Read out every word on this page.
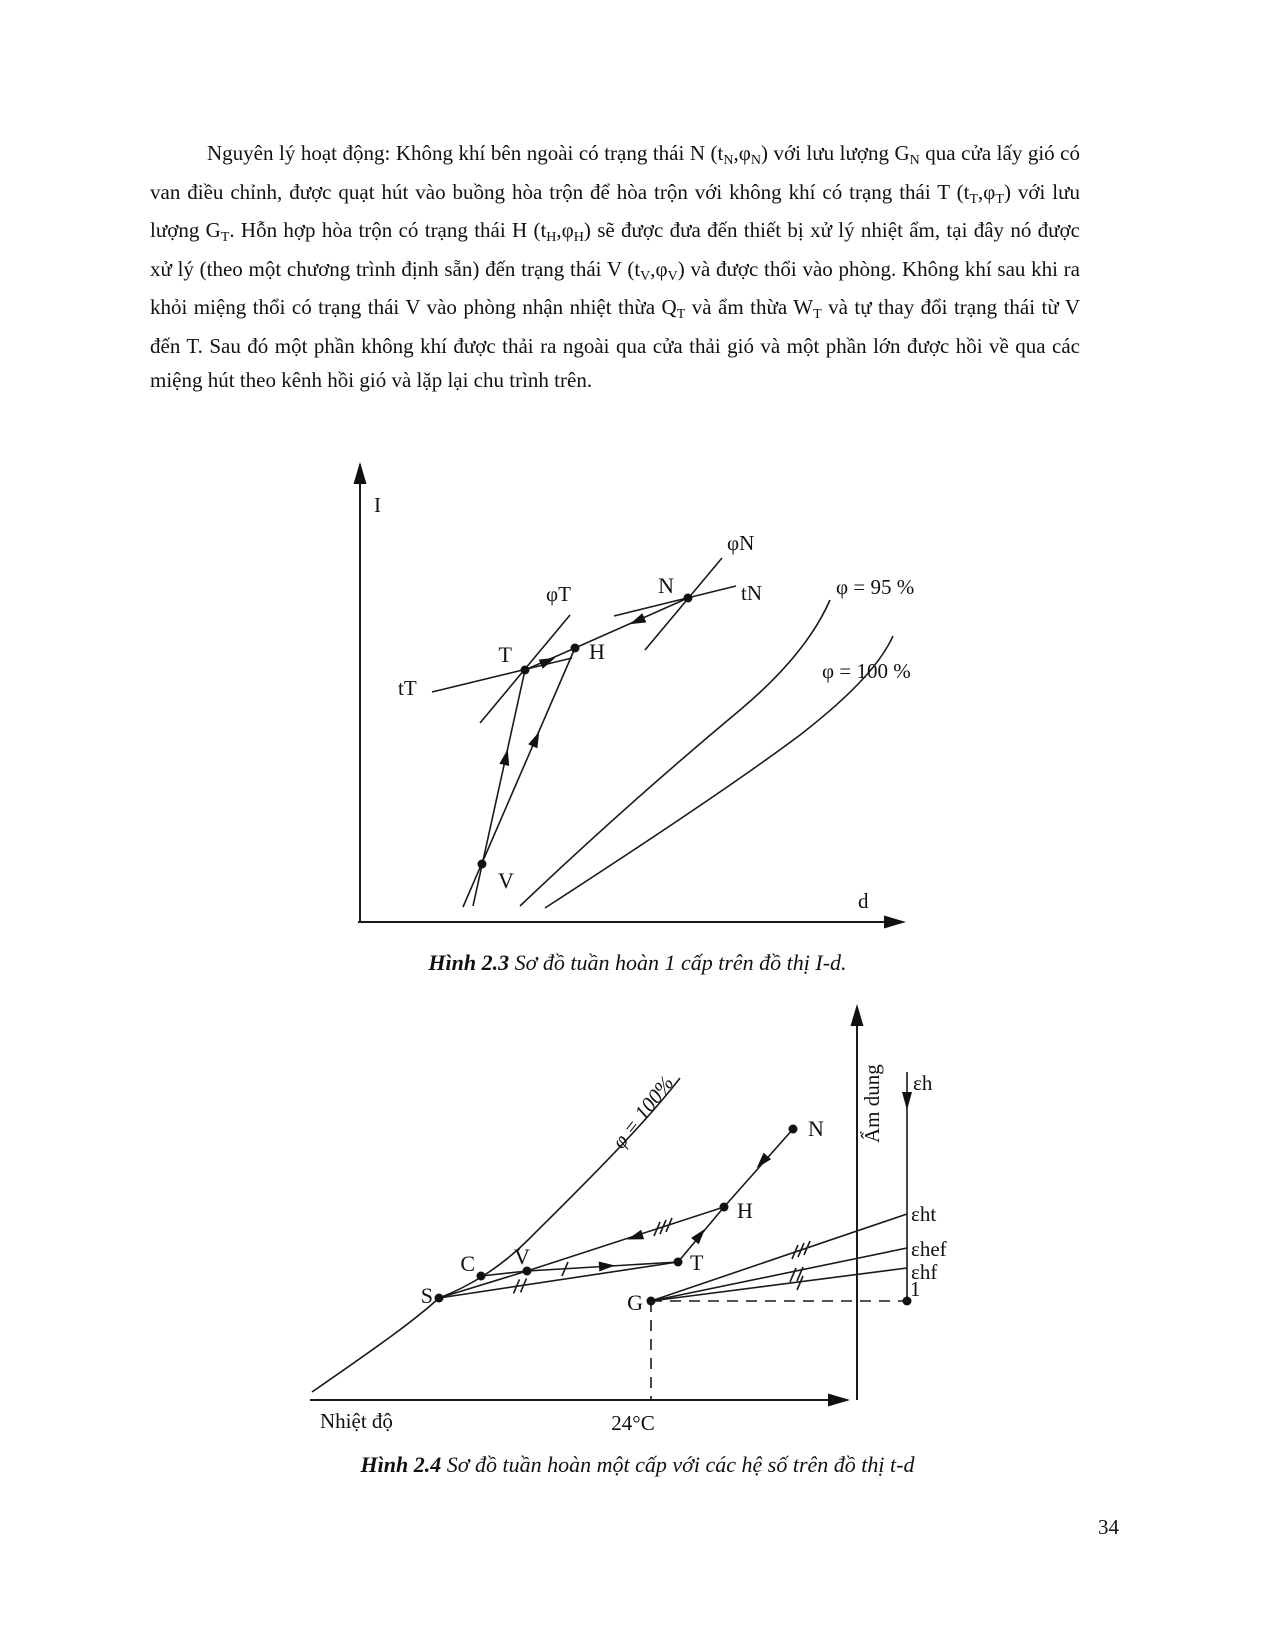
Nguyên lý hoạt động: Không khí bên ngoài có trạng thái N (tN,φN) với lưu lượng GN qua cửa lấy gió có van điều chỉnh, được quạt hút vào buồng hòa trộn để hòa trộn với không khí có trạng thái T (tT,φT) với lưu lượng GT. Hỗn hợp hòa trộn có trạng thái H (tH,φH) sẽ được đưa đến thiết bị xử lý nhiệt ẩm, tại đây nó được xử lý (theo một chương trình định sẵn) đến trạng thái V (tV,φV) và được thổi vào phòng. Không khí sau khi ra khỏi miệng thổi có trạng thái V vào phòng nhận nhiệt thừa QT và ẩm thừa WT và tự thay đổi trạng thái từ V đến T. Sau đó một phần không khí được thải ra ngoài qua cửa thải gió và một phần lớn được hồi về qua các miệng hút theo kênh hồi gió và lặp lại chu trình trên.
I
d
φ = 95 %
φ = 100 %
N
H
T
V
φT
tT
φN
tN
Hình 2.3 Sơ đồ tuần hoàn 1 cấp trên đồ thị I-d.
φ = 100%	Ẩm dung
Nhiệt độ	24°C
εh
εht
εhef
εhf
1
S
C V	T
H
N
G
Hình 2.4 Sơ đồ tuần hoàn một cấp với các hệ số trên đồ thị t-d
34
